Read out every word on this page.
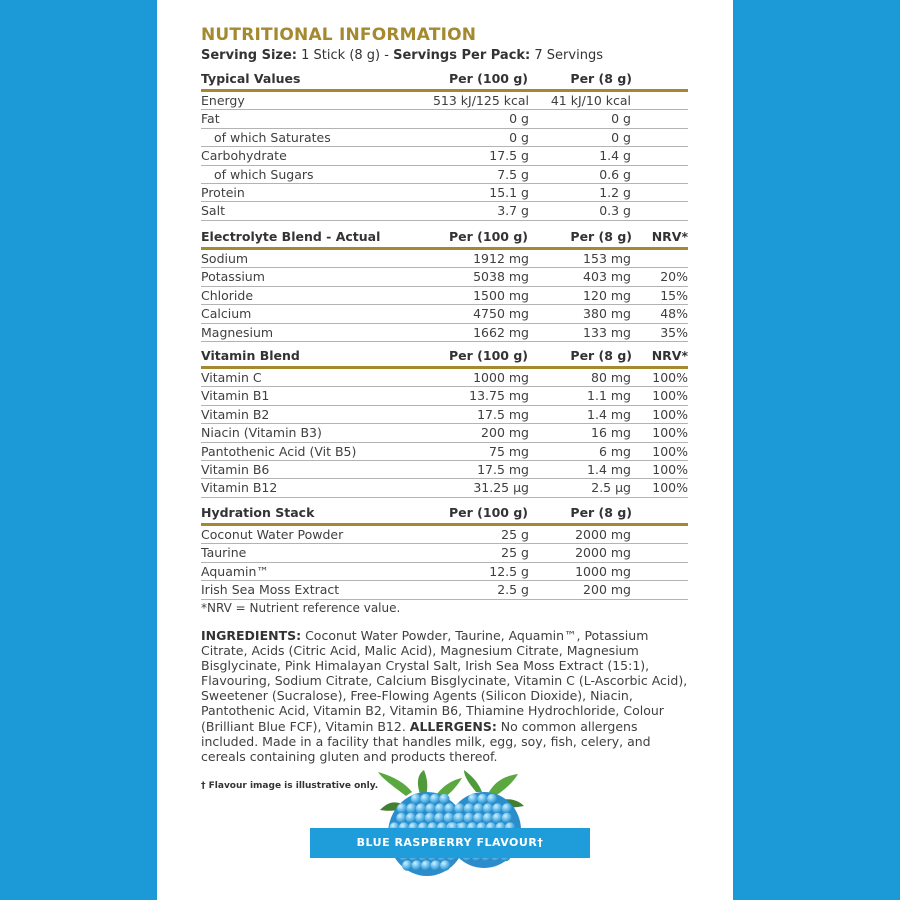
NUTRITIONAL INFORMATION
Serving Size: 1 Stick (8 g) - Servings Per Pack: 7 Servings
Typical Values	Per (100 g)	Per (8 g)
Energy	513 kJ/125 kcal 41 kJ/10 kcal
Fat	0 g	0 g
of which Saturates	0 g	0 g
Carbohydrate	17.5 g	1.4 g
of which Sugars	7.5 g	0.6 g
Protein	15.1 g	1.2 g
Salt	3.7 g	0.3 g
Electrolyte Blend - Actual	Per (100 g)	Per (8 g) NRV*
Sodium	1912 mg	153 mg
Potassium	5038 mg	403 mg 20%
Chloride	1500 mg	120 mg 15%
Calcium	4750 mg	380 mg 48%
Magnesium	1662 mg	133 mg 35%
Vitamin Blend	Per (100 g)	Per (8 g) NRV*
Vitamin C	1000 mg	80 mg 100%
Vitamin B1	13.75 mg	1.1 mg 100%
Vitamin B2	17.5 mg	1.4 mg 100%
Niacin (Vitamin B3)	200 mg	16 mg 100%
Pantothenic Acid (Vit B5)	75 mg	6 mg 100%
Vitamin B6	17.5 mg	1.4 mg 100%
Vitamin B12	31.25 µg	2.5 µg 100%
Hydration Stack	Per (100 g)	Per (8 g)
Coconut Water Powder	25 g	2000 mg
Taurine	25 g	2000 mg
Aquamin™	12.5 g	1000 mg
Irish Sea Moss Extract	2.5 g	200 mg
*NRV = Nutrient reference value.

INGREDIENTS: Coconut Water Powder, Taurine, Aquamin™, Potassium Citrate, Acids (Citric Acid, Malic Acid), Magnesium Citrate, Magnesium Bisglycinate, Pink Himalayan Crystal Salt, Irish Sea Moss Extract (15:1), Flavouring, Sodium Citrate, Calcium Bisglycinate, Vitamin C (L-Ascorbic Acid), Sweetener (Sucralose), Free-Flowing Agents (Silicon Dioxide), Niacin, Pantothenic Acid, Vitamin B2, Vitamin B6, Thiamine Hydrochloride, Colour (Brilliant Blue FCF), Vitamin B12. ALLERGENS: No common allergens included. Made in a facility that handles milk, egg, soy, fish, celery, and cereals containing gluten and products thereof.

† Flavour image is illustrative only.
BLUE RASPBERRY FLAVOUR†
